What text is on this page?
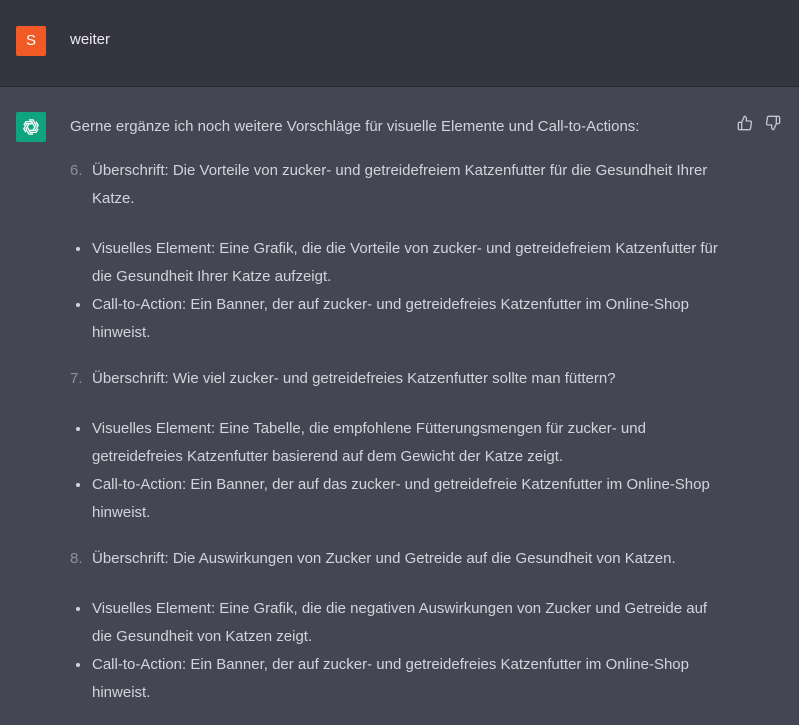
S	weiter
Gerne ergänze ich noch weitere Vorschläge für visuelle Elemente und Call-to-Actions:
6. Überschrift: Die Vorteile von zucker- und getreidefreiem Katzenfutter für die Gesundheit Ihrer Katze.
Visuelles Element: Eine Grafik, die die Vorteile von zucker- und getreidefreiem Katzenfutter für die Gesundheit Ihrer Katze aufzeigt.
Call-to-Action: Ein Banner, der auf zucker- und getreidefreies Katzenfutter im Online-Shop hinweist.
7. Überschrift: Wie viel zucker- und getreidefreies Katzenfutter sollte man füttern?
Visuelles Element: Eine Tabelle, die empfohlene Fütterungsmengen für zucker- und getreidefreies Katzenfutter basierend auf dem Gewicht der Katze zeigt.
Call-to-Action: Ein Banner, der auf das zucker- und getreidefreie Katzenfutter im Online-Shop hinweist.
8. Überschrift: Die Auswirkungen von Zucker und Getreide auf die Gesundheit von Katzen.
Visuelles Element: Eine Grafik, die die negativen Auswirkungen von Zucker und Getreide auf die Gesundheit von Katzen zeigt.
Call-to-Action: Ein Banner, der auf zucker- und getreidefreies Katzenfutter im Online-Shop hinweist.
